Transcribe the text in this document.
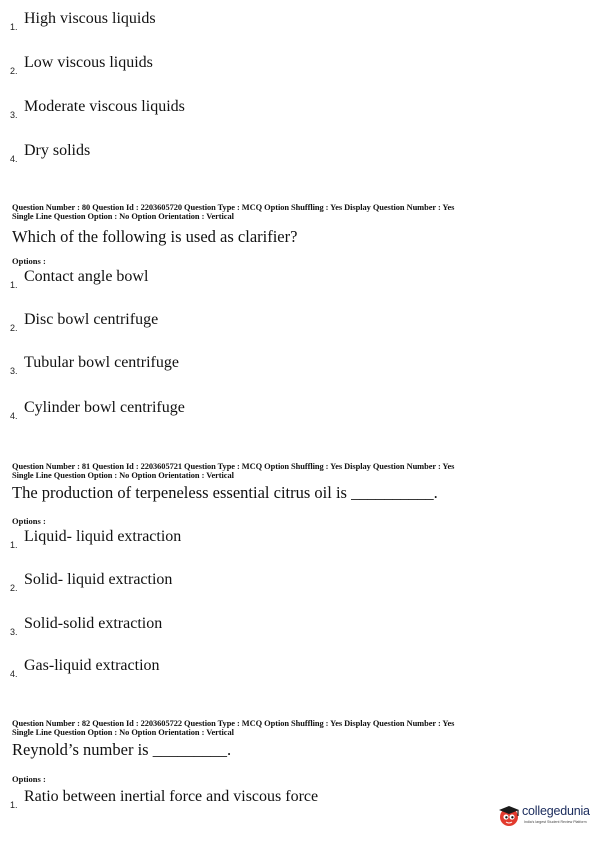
1. High viscous liquids
2. Low viscous liquids
3. Moderate viscous liquids
4. Dry solids
Question Number : 80 Question Id : 2203605720 Question Type : MCQ Option Shuffling : Yes Display Question Number : Yes
Single Line Question Option : No Option Orientation : Vertical
Which of the following is used as clarifier?
Options :
1. Contact angle bowl
2. Disc bowl centrifuge
3. Tubular bowl centrifuge
4. Cylinder bowl centrifuge
Question Number : 81 Question Id : 2203605721 Question Type : MCQ Option Shuffling : Yes Display Question Number : Yes
Single Line Question Option : No Option Orientation : Vertical
The production of terpeneless essential citrus oil is __________.
Options :
1. Liquid- liquid extraction
2. Solid- liquid extraction
3. Solid-solid extraction
4. Gas-liquid extraction
Question Number : 82 Question Id : 2203605722 Question Type : MCQ Option Shuffling : Yes Display Question Number : Yes
Single Line Question Option : No Option Orientation : Vertical
Reynold’s number is _________.
Options :
1. Ratio between inertial force and viscous force
collegedunia
India's largest Student Review Platform
